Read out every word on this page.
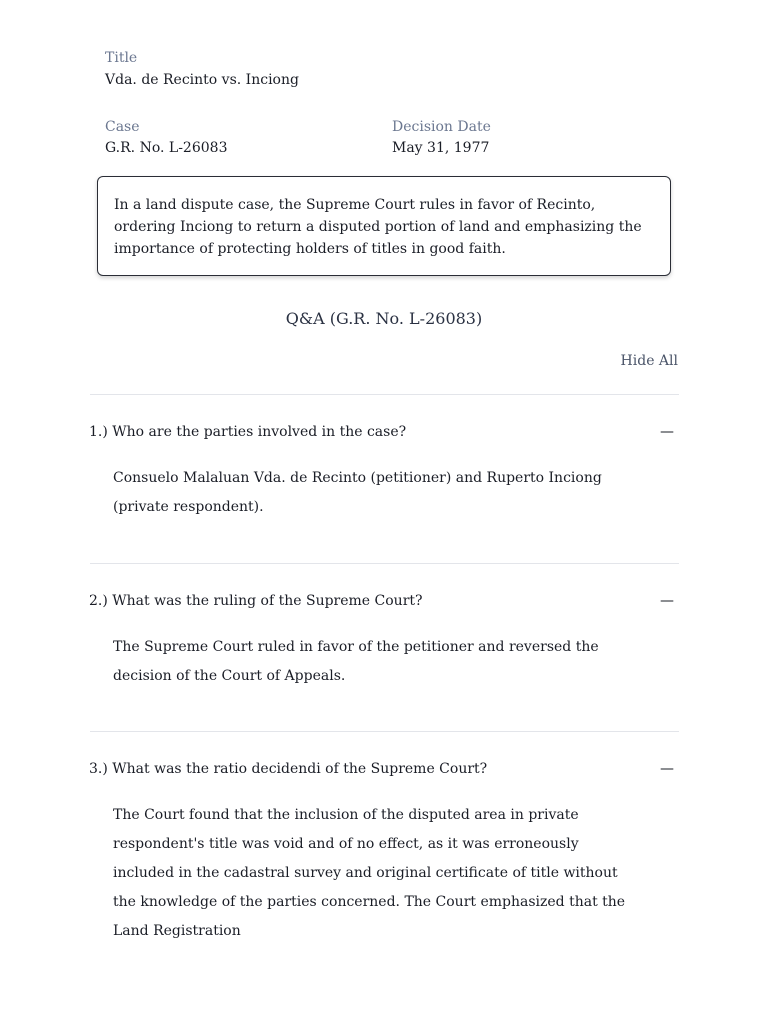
Title
Vda. de Recinto vs. Inciong
Case
G.R. No. L-26083
Decision Date
May 31, 1977
In a land dispute case, the Supreme Court rules in favor of Recinto, ordering Inciong to return a disputed portion of land and emphasizing the importance of protecting holders of titles in good faith.
Q&A (G.R. No. L-26083)
Hide All
1.) Who are the parties involved in the case?	—
Consuelo Malaluan Vda. de Recinto (petitioner) and Ruperto Inciong (private respondent).
2.) What was the ruling of the Supreme Court?	—
The Supreme Court ruled in favor of the petitioner and reversed the decision of the Court of Appeals.
3.) What was the ratio decidendi of the Supreme Court?	—
The Court found that the inclusion of the disputed area in private respondent's title was void and of no effect, as it was erroneously included in the cadastral survey and original certificate of title without the knowledge of the parties concerned. The Court emphasized that the Land Registration
